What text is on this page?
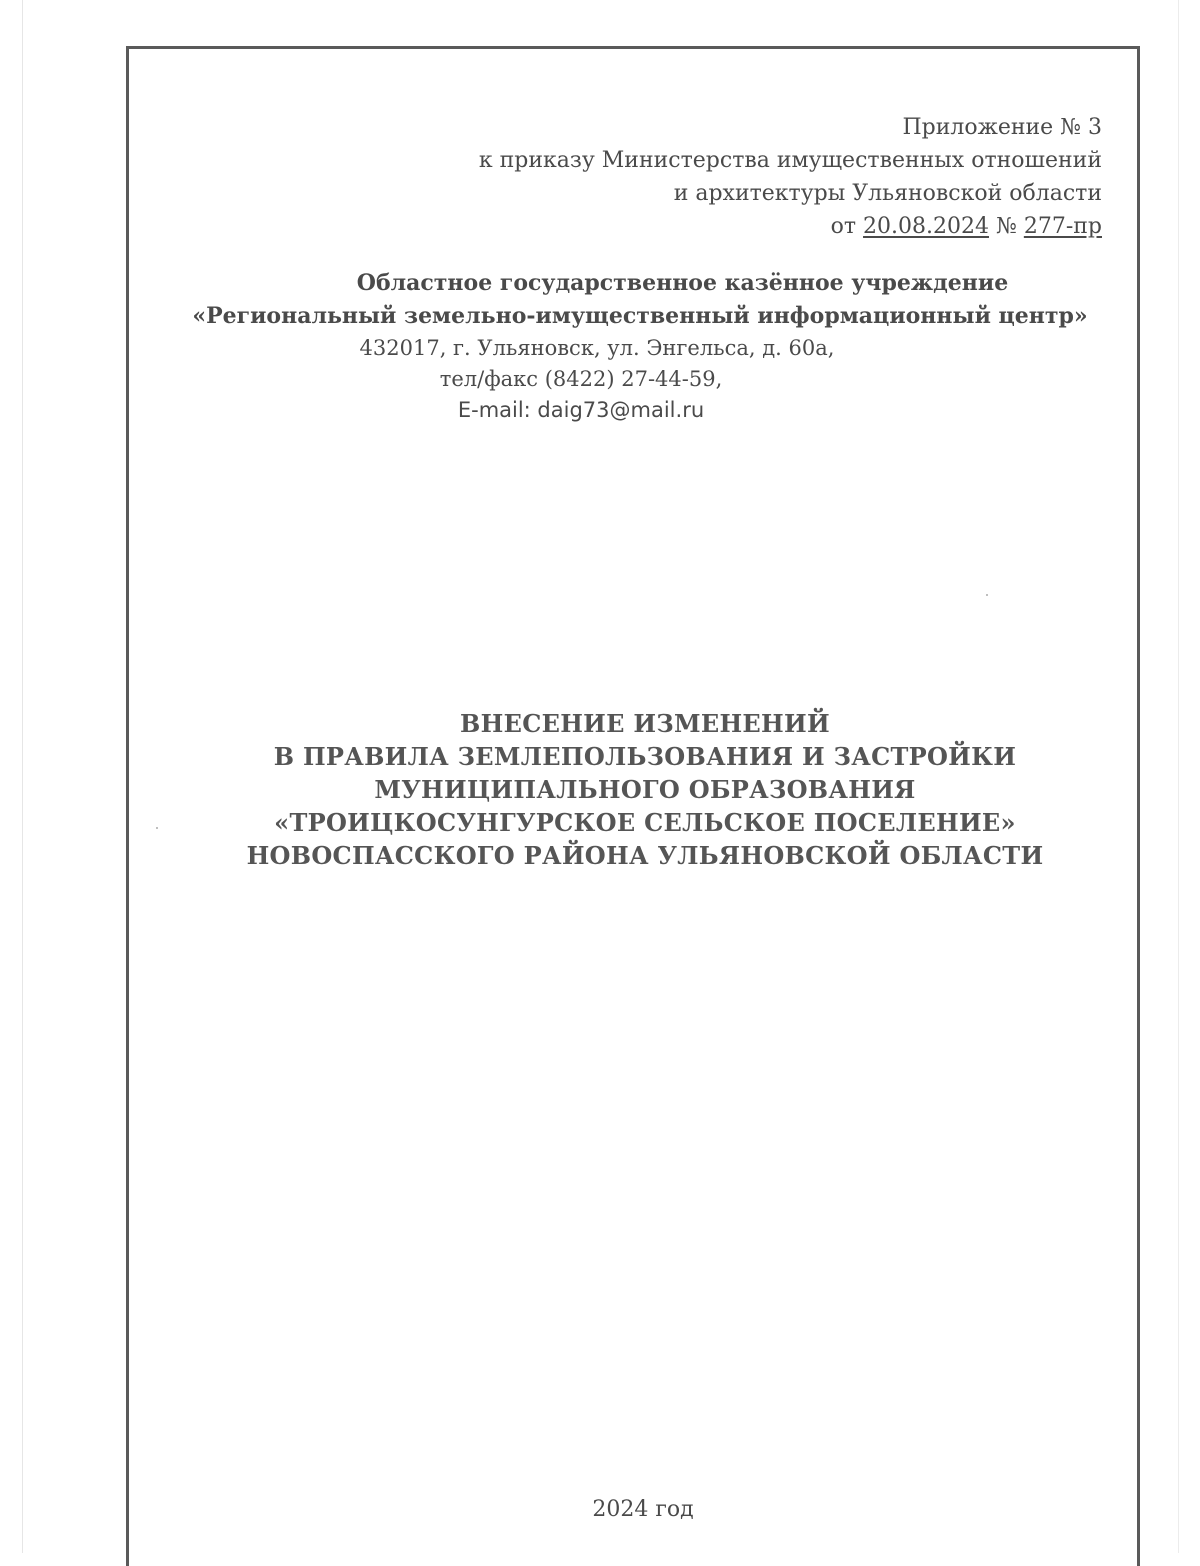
Приложение № 3
к приказу Министерства имущественных отношений
и архитектуры Ульяновской области
от 20.08.2024 № 277-пр
Областное государственное казённое учреждение
«Региональный земельно-имущественный информационный центр»
432017, г. Ульяновск, ул. Энгельса, д. 60а,
тел/факс (8422) 27-44-59,
E-mail: daig73@mail.ru
ВНЕСЕНИЕ ИЗМЕНЕНИЙ
В ПРАВИЛА ЗЕМЛЕПОЛЬЗОВАНИЯ И ЗАСТРОЙКИ
МУНИЦИПАЛЬНОГО ОБРАЗОВАНИЯ
«ТРОИЦКОСУНГУРСКОЕ СЕЛЬСКОЕ ПОСЕЛЕНИЕ»
НОВОСПАССКОГО РАЙОНА УЛЬЯНОВСКОЙ ОБЛАСТИ
2024 год
